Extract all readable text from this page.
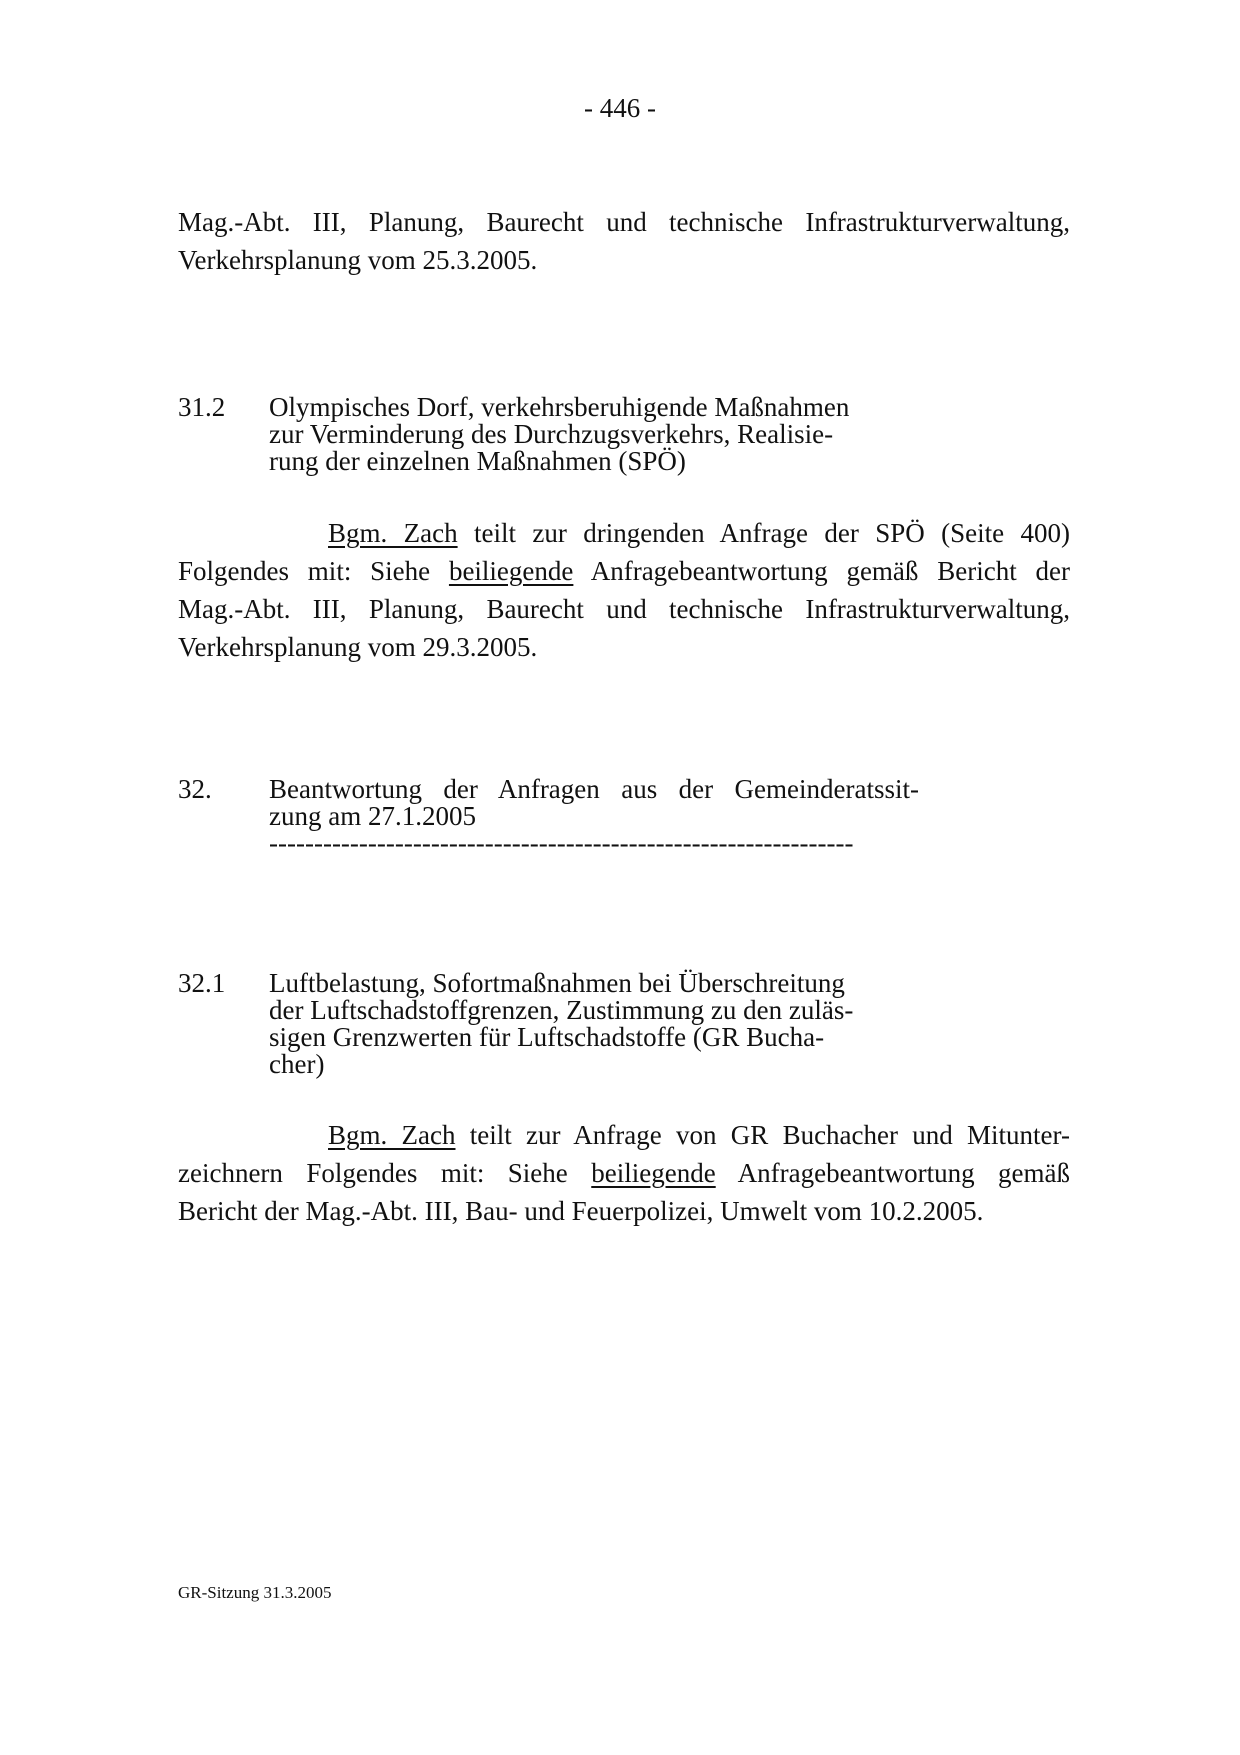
- 446 -

Mag.-Abt. III, Planung, Baurecht und technische Infrastrukturverwaltung,
Verkehrsplanung vom 25.3.2005.

31.2 Olympisches Dorf, verkehrsberuhigende Maßnahmen
zur Verminderung des Durchzugsverkehrs, Realisie-
rung der einzelnen Maßnahmen (SPÖ)

Bgm. Zach teilt zur dringenden Anfrage der SPÖ (Seite 400)
Folgendes mit: Siehe beiliegende Anfragebeantwortung gemäß Bericht der
Mag.-Abt. III, Planung, Baurecht und technische Infrastrukturverwaltung,
Verkehrsplanung vom 29.3.2005.

32. Beantwortung der Anfragen aus der Gemeinderatssit-
zung am 27.1.2005
-----------------------------------------------------------------
32.1 Luftbelastung, Sofortmaßnahmen bei Überschreitung
der Luftschadstoffgrenzen, Zustimmung zu den zuläs-
sigen Grenzwerten für Luftschadstoffe (GR Bucha-
cher)

Bgm. Zach teilt zur Anfrage von GR Buchacher und Mitunter-
zeichnern Folgendes mit: Siehe beiliegende Anfragebeantwortung gemäß
Bericht der Mag.-Abt. III, Bau- und Feuerpolizei, Umwelt vom 10.2.2005.

GR-Sitzung 31.3.2005
